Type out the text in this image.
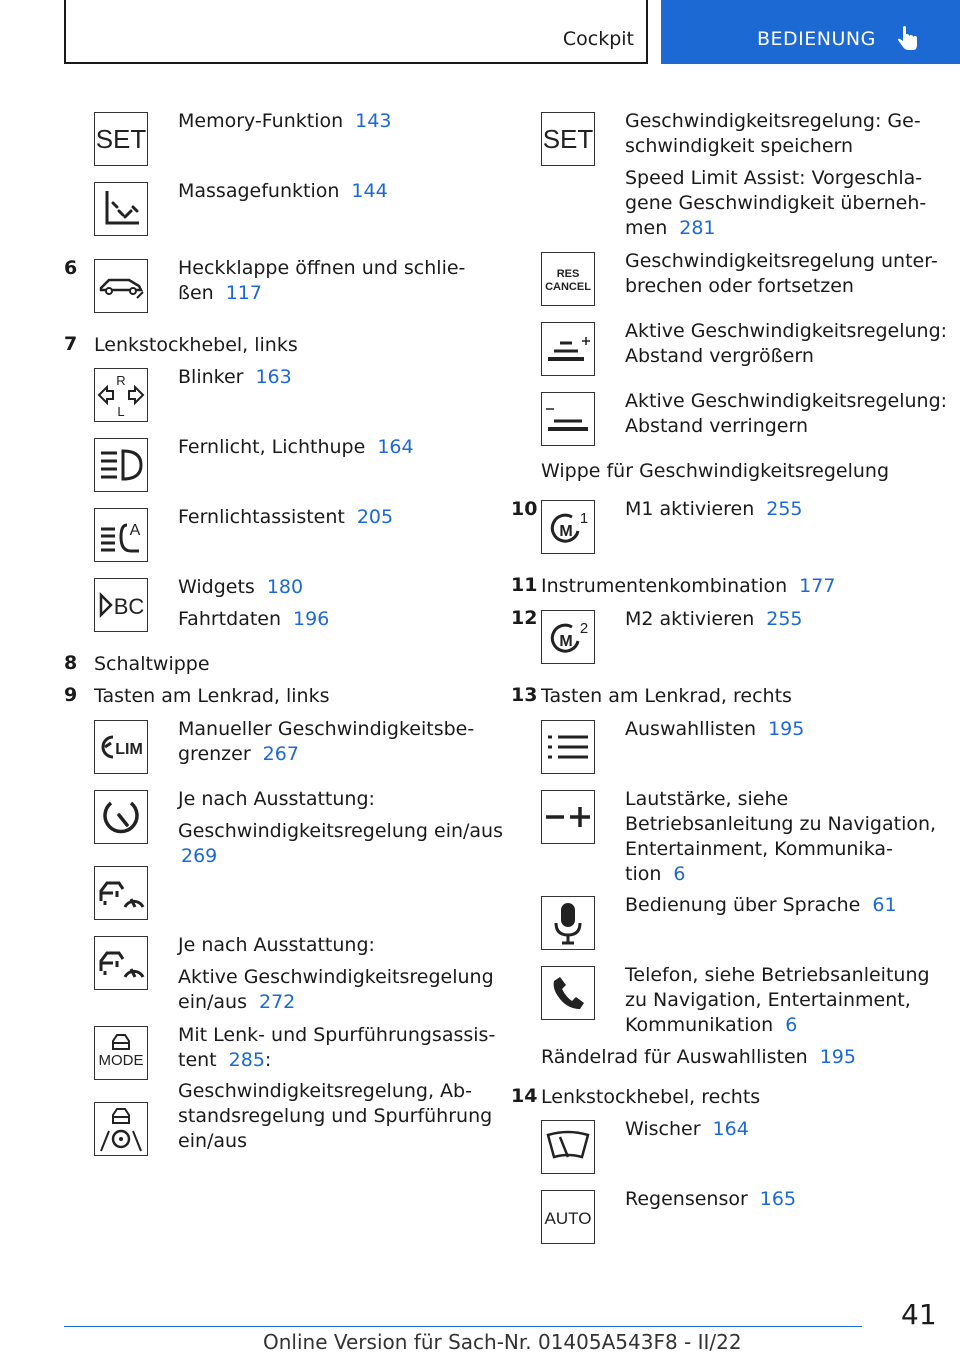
Cockpit	BEDIENUNG
SET
Memory-Funktion 143
Massagefunktion 144
6	Heckklappe öffnen und schlie-
ßen 117
7 Lenkstockhebel, links
R
L
Blinker 163
Fernlicht, Lichthupe 164
A
Fernlichtassistent 205
BC
Widgets 180
Fahrtdaten 196
8 Schaltwippe
9 Tasten am Lenkrad, links
LIM
Manueller Geschwindigkeitsbe-
grenzer 267
Je nach Ausstattung:
Geschwindigkeitsregelung ein/aus
269
Je nach Ausstattung:
Aktive Geschwindigkeitsregelung
ein/aus 272
MODE
Mit Lenk- und Spurführungsassis-
tent 285:
Geschwindigkeitsregelung, Ab-
standsregelung und Spurführung
ein/aus
SET
Geschwindigkeitsregelung: Ge-
schwindigkeit speichern
Speed Limit Assist: Vorgeschla-
gene Geschwindigkeit überneh-
men 281
RES
CANCEL
Geschwindigkeitsregelung unter-
brechen oder fortsetzen
Aktive Geschwindigkeitsregelung:
Abstand vergrößern
Aktive Geschwindigkeitsregelung:
Abstand verringern
Wippe für Geschwindigkeitsregelung
10
M
1 M1 aktivieren 255
11 Instrumentenkombination 177
12
M
2 M2 aktivieren 255
13 Tasten am Lenkrad, rechts
Auswahllisten 195
Lautstärke, siehe
Betriebsanleitung zu Navigation,
Entertainment, Kommunika-
tion 6
Bedienung über Sprache 61
Telefon, siehe Betriebsanleitung
zu Navigation, Entertainment,
Kommunikation 6
Rändelrad für Auswahllisten 195
14 Lenkstockhebel, rechts
Wischer 164
AUTO
Regensensor 165
41
Online Version für Sach-Nr. 01405A543F8 - II/22
